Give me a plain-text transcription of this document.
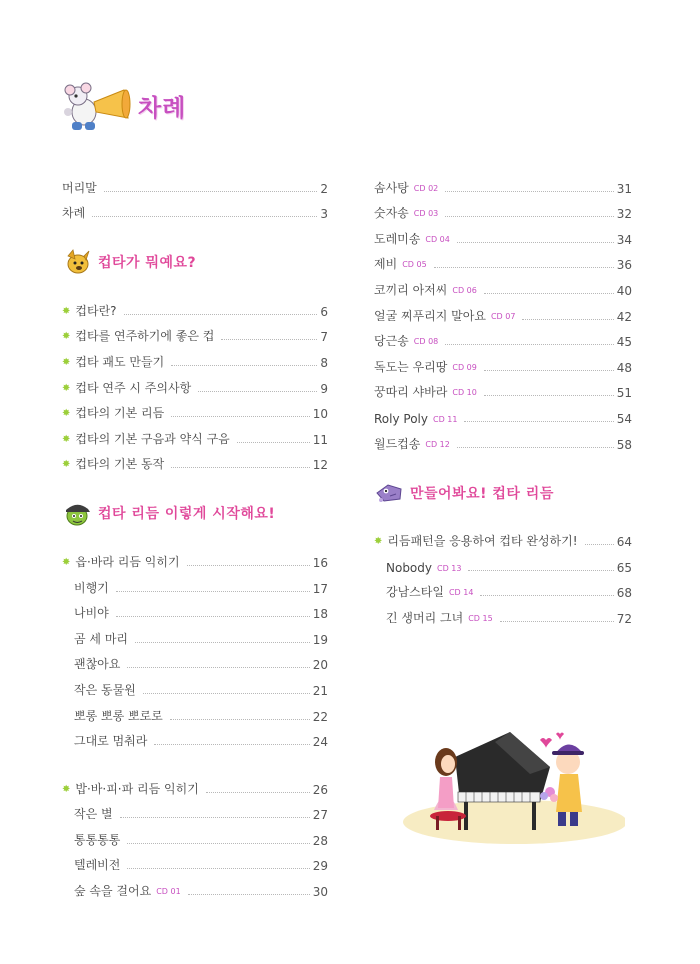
차례
머리말	2
차례	3
컵타가 뭐예요?
✸ 컵타란?	6
✸ 컵타를 연주하기에 좋은 컵	7
✸ 컵타 괘도 만들기	8
✸ 컵타 연주 시 주의사항	9
✸ 컵타의 기본 리듬	10
✸ 컵타의 기본 구음과 약식 구음	11
✸ 컵타의 기본 동작	12
컵타 리듬 이렇게 시작해요!
✸ 읍·바라 리듬 익히기	16
비행기	17
나비야	18
곰 세 마리	19
괜찮아요	20
작은 동물원	21
뽀롱 뽀롱 뽀로로	22
그대로 멈춰라	24
✸ 밥·바·피·파 리듬 익히기	26
작은 별	27
통통통통	28
텔레비전	29
숲 속을 걸어요 CD 01	30
솜사탕 CD 02	31
숫자송 CD 03	32
도레미송 CD 04	34
제비 CD 05	36
코끼리 아저씨 CD 06	40
얼굴 찌푸리지 말아요 CD 07	42
당근송 CD 08	45
독도는 우리땅 CD 09	48
꿍따리 샤바라 CD 10	51
Roly Poly CD 11	54
월드컵송 CD 12	58
만들어봐요! 컵타 리듬
✸ 리듬패턴을 응용하여 컵타 완성하기!	64
Nobody CD 13	65
강남스타일 CD 14	68
긴 생머리 그녀 CD 15	72
